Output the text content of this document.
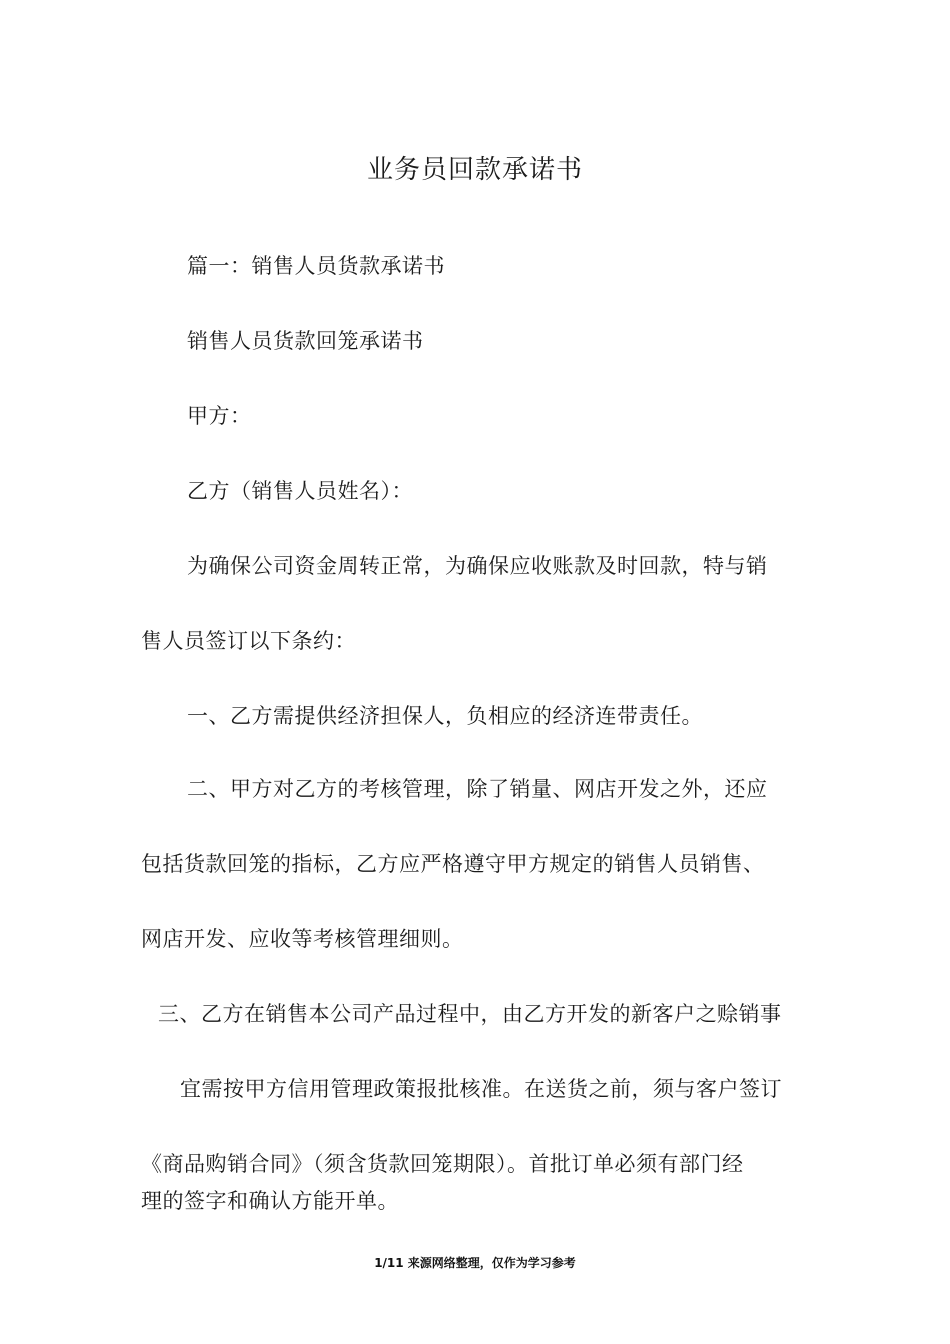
业务员回款承诺书

篇一：销售人员货款承诺书

销售人员货款回笼承诺书

甲方：

乙方（销售人员姓名）：

为确保公司资金周转正常，为确保应收账款及时回款，特与销

售人员签订以下条约：

一、乙方需提供经济担保人，负相应的经济连带责任。

二、甲方对乙方的考核管理，除了销量、网店开发之外，还应

包括货款回笼的指标，乙方应严格遵守甲方规定的销售人员销售、

网店开发、应收等考核管理细则。

三、乙方在销售本公司产品过程中，由乙方开发的新客户之赊销事

宜需按甲方信用管理政策报批核准。在送货之前，须与客户签订

《商品购销合同》（须含货款回笼期限）。首批订单必须有部门经

理的签字和确认方能开单。

1/11 来源网络整理，仅作为学习参考
